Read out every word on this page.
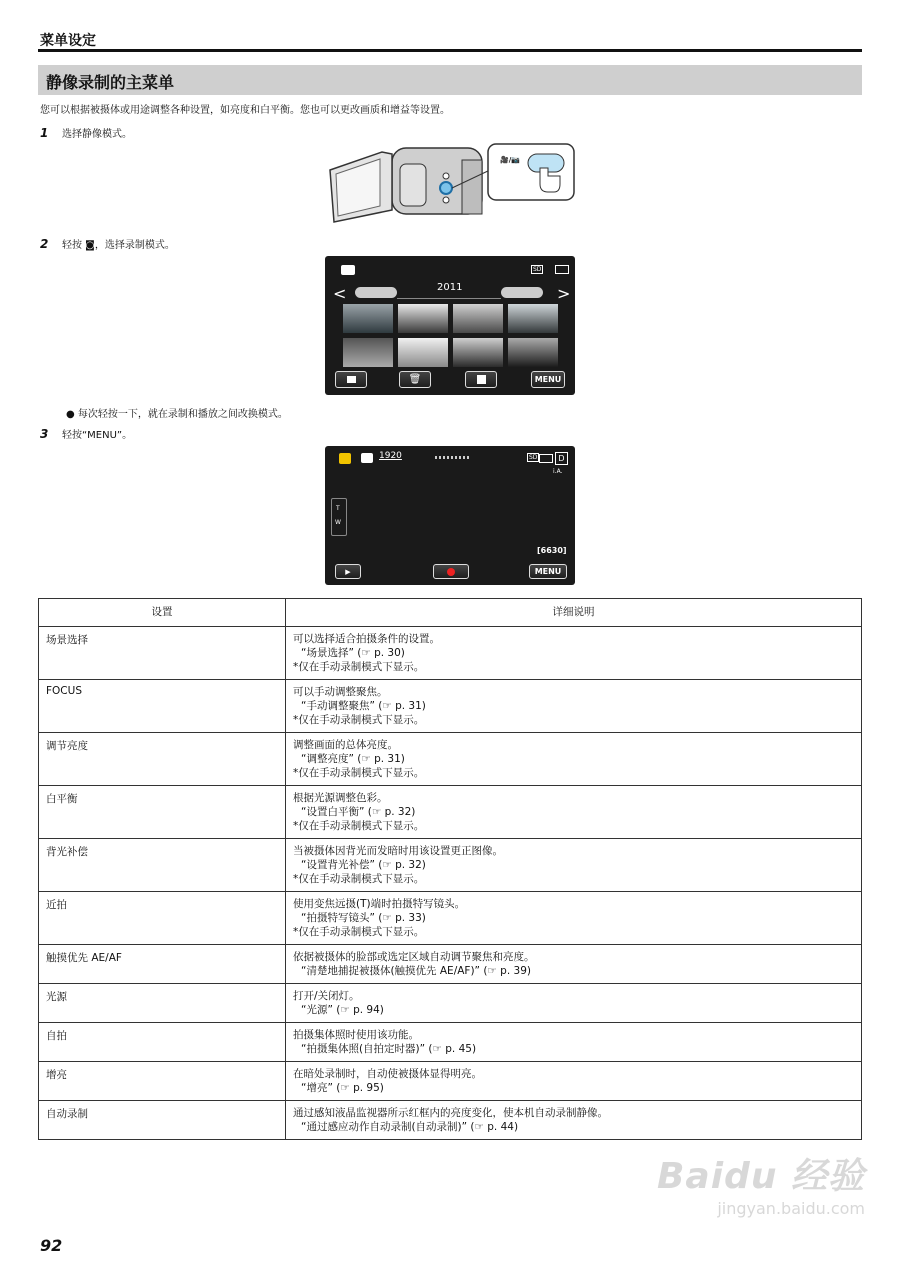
菜单设定
静像录制的主菜单
您可以根据被摄体或用途调整各种设置，如亮度和白平衡。您也可以更改画质和增益等设置。
1 选择静像模式。
🎥/📷
2 轻按 ◙，选择录制模式。
SD
<	>
2011
🗑	MENU
● 每次轻按一下，就在录制和播放之间改换模式。
3 轻按“MENU”。
1920	SD	D
i.A.
T
W
[6630]
▶	MENU
设置	详细说明
场景选择	可以选择适合拍摄条件的设置。
“场景选择” (☞ p. 30)
*仅在手动录制模式下显示。

FOCUS	可以手动调整聚焦。
“手动调整聚焦” (☞ p. 31)
*仅在手动录制模式下显示。

调节亮度	调整画面的总体亮度。
“调整亮度” (☞ p. 31)
*仅在手动录制模式下显示。

白平衡	根据光源调整色彩。
“设置白平衡” (☞ p. 32)
*仅在手动录制模式下显示。

背光补偿	当被摄体因背光而发暗时用该设置更正图像。
“设置背光补偿” (☞ p. 32)
*仅在手动录制模式下显示。

近拍	使用变焦远摄(T)端时拍摄特写镜头。
“拍摄特写镜头” (☞ p. 33)
*仅在手动录制模式下显示。

触摸优先 AE/AF	依据被摄体的脸部或选定区域自动调节聚焦和亮度。
“清楚地捕捉被摄体(触摸优先 AE/AF)” (☞ p. 39)

光源	打开/关闭灯。
“光源” (☞ p. 94)

自拍	拍摄集体照时使用该功能。
“拍摄集体照(自拍定时器)” (☞ p. 45)

增亮	在暗处录制时，自动使被摄体显得明亮。
“增亮” (☞ p. 95)

自动录制	通过感知液晶监视器所示红框内的亮度变化，使本机自动录制静像。
“通过感应动作自动录制(自动录制)” (☞ p. 44)
92
Baidu 经验
jingyan.baidu.com
